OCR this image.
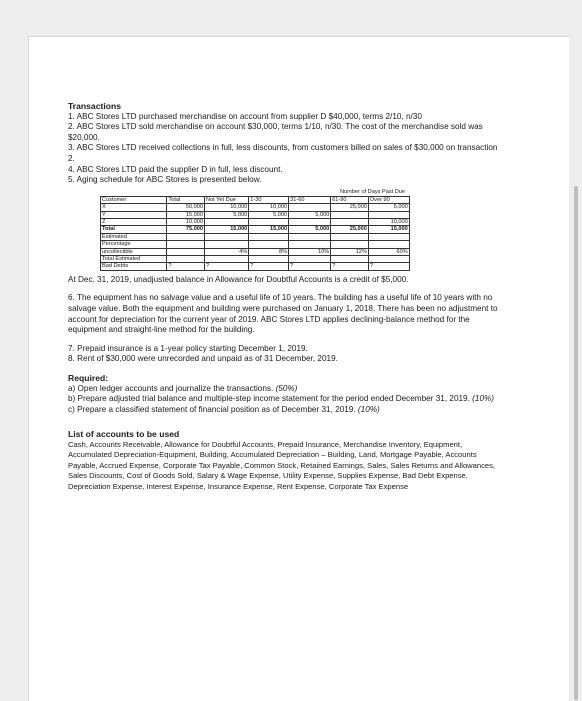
Transactions

1. ABC Stores LTD purchased merchandise on account from supplier D $40,000, terms 2/10, n/30

2. ABC Stores LTD sold merchandise on account $30,000, terms 1/10, n/30. The cost of the merchandise sold was $20,000.

3. ABC Stores LTD received collections in full, less discounts, from customers billed on sales of $30,000 on transaction 2.

4. ABC Stores LTD paid the supplier D in full, less discount.

5. Aging schedule for ABC Stores is presented below.

Number of Days Past Due
Customer	Total	Not Yet Due	1-30	31-60	61-90	Over 90
X	50,000	10,000	10,000		25,000	5,000
Y	15,000	5,000	5,000	5,000		
Z	10,000					10,000
Total	75,000	15,000	15,000	5,000	25,000	15,000
Estimated						
Percentage						
uncollectible		4%	8%	10%	12%	60%
Total Estimated						
Bad Debts	?	?	?	?	?	?

At Dec. 31, 2019, unadjusted balance in Allowance for Doubtful Accounts is a credit of $5,000.

6. The equipment has no salvage value and a useful life of 10 years. The building has a useful life of 10 years with no salvage value. Both the equipment and building were purchased on January 1, 2018. There has been no adjustment to account for depreciation for the current year of 2019. ABC Stores LTD applies declining-balance method for the equipment and straight-line method for the building.

7. Prepaid insurance is a 1-year policy starting December 1, 2019.

8. Rent of $30,000 were unrecorded and unpaid as of 31 December, 2019.

Required:

a) Open ledger accounts and journalize the transactions. (50%)

b) Prepare adjusted trial balance and multiple-step income statement for the period ended December 31, 2019. (10%)

c) Prepare a classified statement of financial position as of December 31, 2019. (10%)

List of accounts to be used

Cash, Accounts Receivable, Allowance for Doubtful Accounts, Prepaid Insurance, Merchandise Inventory, Equipment, Accumulated Depreciation-Equipment, Building, Accumulated Depreciation – Building, Land, Mortgage Payable, Accounts Payable, Accrued Expense, Corporate Tax Payable, Common Stock, Retained Earnings, Sales, Sales Returns and Allowances, Sales Discounts, Cost of Goods Sold, Salary & Wage Expense, Utility Expense, Supplies Expense, Bad Debt Expense, Depreciation Expense, Interest Expense, Insurance Expense, Rent Expense, Corporate Tax Expense
